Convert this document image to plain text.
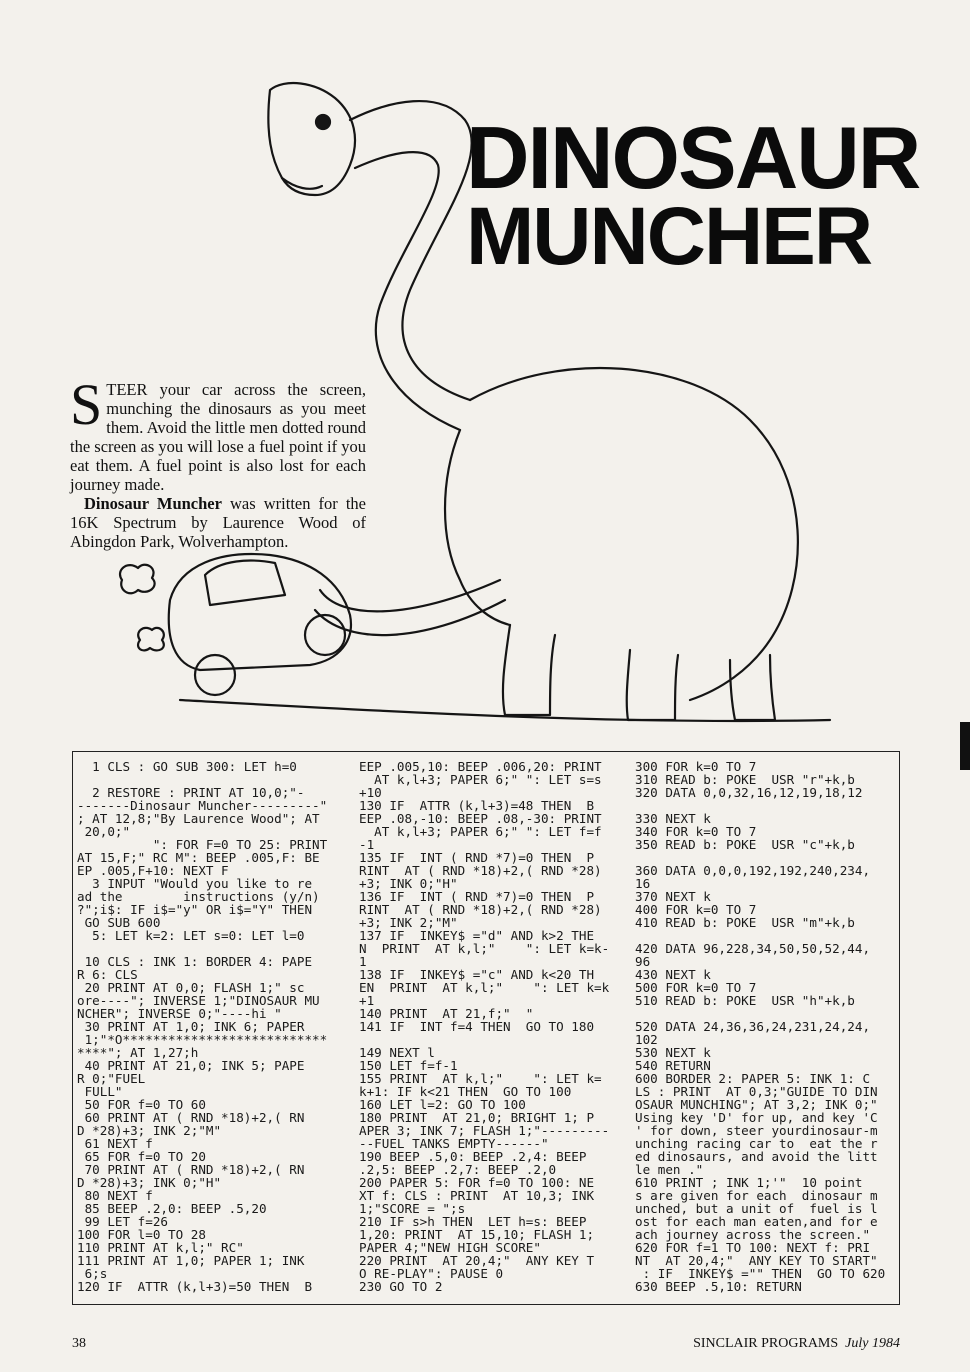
DINOSAUR
MUNCHER

STEER your car across the screen, munching the dinosaurs as you meet them. Avoid the little men dotted round the screen as you will lose a fuel point if you eat them. A fuel point is also lost for each journey made.

Dinosaur Muncher was written for the 16K Spectrum by Laurence Wood of Abingdon Park, Wolverhampton.

1 CLS : GO SUB 300: LET h=0

2 RESTORE : PRINT AT 10,0;"-
-------Dinosaur Muncher---------"
; AT 12,8;"By Laurence Wood"; AT
20,0;"
": FOR F=0 TO 25: PRINT
AT 15,F;" RC M": BEEP .005,F: BE
EP .005,F+10: NEXT F
3 INPUT "Would you like to re
ad the        instructions (y/n)
?";i$: IF i$="y" OR i$="Y" THEN
GO SUB 600
5: LET k=2: LET s=0: LET l=0

10 CLS : INK 1: BORDER 4: PAPE
R 6: CLS
20 PRINT AT 0,0; FLASH 1;" sc
ore----"; INVERSE 1;"DINOSAUR MU
NCHER"; INVERSE 0;"----hi "
30 PRINT AT 1,0; INK 6; PAPER
1;"*O***************************
****"; AT 1,27;h
40 PRINT AT 21,0; INK 5; PAPE
R 0;"FUEL
FULL"
50 FOR f=0 TO 60
60 PRINT AT ( RND *18)+2,( RN
D *28)+3; INK 2;"M"
61 NEXT f
65 FOR f=0 TO 20
70 PRINT AT ( RND *18)+2,( RN
D *28)+3; INK 0;"H"
80 NEXT f
85 BEEP .2,0: BEEP .5,20
99 LET f=26
100 FOR l=0 TO 28
110 PRINT AT k,l;" RC"
111 PRINT AT 1,0; PAPER 1; INK
6;s
120 IF  ATTR (k,l+3)=50 THEN  B
EEP .005,10: BEEP .006,20: PRINT
AT k,l+3; PAPER 6;" ": LET s=s
+10
130 IF  ATTR (k,l+3)=48 THEN  B
EEP .08,-10: BEEP .08,-30: PRINT
AT k,l+3; PAPER 6;" ": LET f=f
-1
135 IF  INT ( RND *7)=0 THEN  P
RINT  AT ( RND *18)+2,( RND *28)
+3; INK 0;"H"
136 IF  INT ( RND *7)=0 THEN  P
RINT  AT ( RND *18)+2,( RND *28)
+3; INK 2;"M"
137 IF  INKEY$ ="d" AND k>2 THE
N  PRINT  AT k,l;"    ": LET k=k-
1
138 IF  INKEY$ ="c" AND k<20 TH
EN  PRINT  AT k,l;"    ": LET k=k
+1
140 PRINT  AT 21,f;"  "
141 IF  INT f=4 THEN  GO TO 180

149 NEXT l
150 LET f=f-1
155 PRINT  AT k,l;"    ": LET k=
k+1: IF k<21 THEN  GO TO 100
160 LET l=2: GO TO 100
180 PRINT  AT 21,0; BRIGHT 1; P
APER 3; INK 7; FLASH 1;"---------
--FUEL TANKS EMPTY------"
190 BEEP .5,0: BEEP .2,4: BEEP
.2,5: BEEP .2,7: BEEP .2,0
200 PAPER 5: FOR f=0 TO 100: NE
XT f: CLS : PRINT  AT 10,3; INK
1;"SCORE = ";s
210 IF s>h THEN  LET h=s: BEEP
1,20: PRINT  AT 15,10; FLASH 1;
PAPER 4;"NEW HIGH SCORE"
220 PRINT  AT 20,4;"  ANY KEY T
O RE-PLAY": PAUSE 0
230 GO TO 2
300 FOR k=0 TO 7
310 READ b: POKE  USR "r"+k,b
320 DATA 0,0,32,16,12,19,18,12

330 NEXT k
340 FOR k=0 TO 7
350 READ b: POKE  USR "c"+k,b

360 DATA 0,0,0,192,192,240,234,
16
370 NEXT k
400 FOR k=0 TO 7
410 READ b: POKE  USR "m"+k,b

420 DATA 96,228,34,50,50,52,44,
96
430 NEXT k
500 FOR k=0 TO 7
510 READ b: POKE  USR "h"+k,b

520 DATA 24,36,36,24,231,24,24,
102
530 NEXT k
540 RETURN
600 BORDER 2: PAPER 5: INK 1: C
LS : PRINT  AT 0,3;"GUIDE TO DIN
OSAUR MUNCHING"; AT 3,2; INK 0;"
Using key 'D' for up, and key 'C
' for down, steer yourdinosaur-m
unching racing car to  eat the r
ed dinosaurs, and avoid the litt
le men ."
610 PRINT ; INK 1;'"  10 point
s are given for each  dinosaur m
unched, but a unit of  fuel is l
ost for each man eaten,and for e
ach journey across the screen."
620 FOR f=1 TO 100: NEXT f: PRI
NT  AT 20,4;"  ANY KEY TO START"
: IF  INKEY$ ="" THEN  GO TO 620
630 BEEP .5,10: RETURN
38	SINCLAIR PROGRAMS July 1984
